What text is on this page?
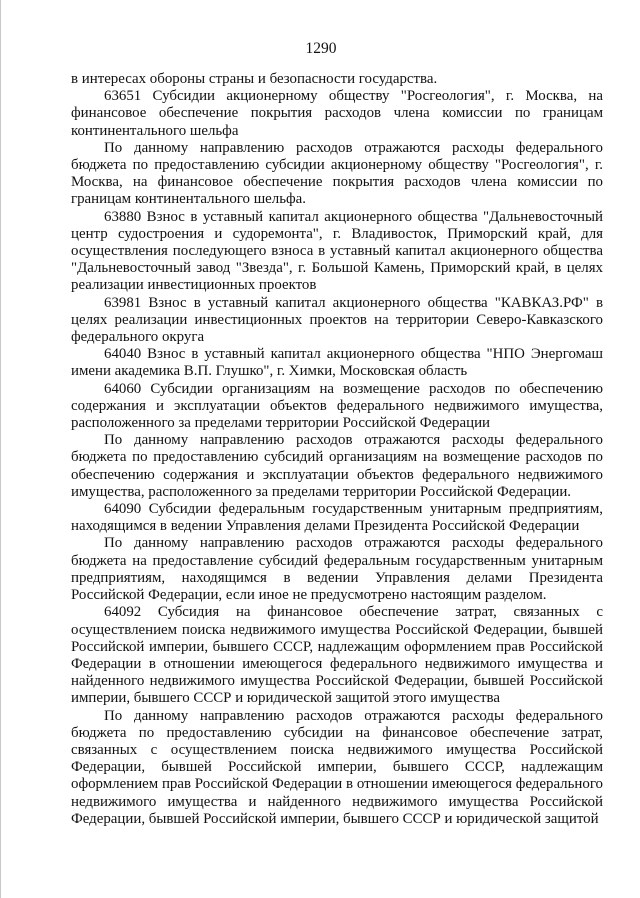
1290

в интересах обороны страны и безопасности государства.

63651 Субсидии акционерному обществу "Росгеология", г. Москва, на финансовое обеспечение покрытия расходов члена комиссии по границам континентального шельфа

По данному направлению расходов отражаются расходы федерального бюджета по предоставлению субсидии акционерному обществу "Росгеология", г. Москва, на финансовое обеспечение покрытия расходов члена комиссии по границам континентального шельфа.

63880 Взнос в уставный капитал акционерного общества "Дальневосточный центр судостроения и судоремонта", г. Владивосток, Приморский край, для осуществления последующего взноса в уставный капитал акционерного общества "Дальневосточный завод "Звезда", г. Большой Камень, Приморский край, в целях реализации инвестиционных проектов

63981 Взнос в уставный капитал акционерного общества "КАВКАЗ.РФ" в целях реализации инвестиционных проектов на территории Северо-Кавказского федерального округа

64040 Взнос в уставный капитал акционерного общества "НПО Энергомаш имени академика В.П. Глушко", г. Химки, Московская область

64060 Субсидии организациям на возмещение расходов по обеспечению содержания и эксплуатации объектов федерального недвижимого имущества, расположенного за пределами территории Российской Федерации

По данному направлению расходов отражаются расходы федерального бюджета по предоставлению субсидий организациям на возмещение расходов по обеспечению содержания и эксплуатации объектов федерального недвижимого имущества, расположенного за пределами территории Российской Федерации.

64090 Субсидии федеральным государственным унитарным предприятиям, находящимся в ведении Управления делами Президента Российской Федерации

По данному направлению расходов отражаются расходы федерального бюджета на предоставление субсидий федеральным государственным унитарным предприятиям, находящимся в ведении Управления делами Президента Российской Федерации, если иное не предусмотрено настоящим разделом.

64092 Субсидия на финансовое обеспечение затрат, связанных с осуществлением поиска недвижимого имущества Российской Федерации, бывшей Российской империи, бывшего СССР, надлежащим оформлением прав Российской Федерации в отношении имеющегося федерального недвижимого имущества и найденного недвижимого имущества Российской Федерации, бывшей Российской империи, бывшего СССР и юридической защитой этого имущества

По данному направлению расходов отражаются расходы федерального бюджета по предоставлению субсидии на финансовое обеспечение затрат, связанных с осуществлением поиска недвижимого имущества Российской Федерации, бывшей Российской империи, бывшего СССР, надлежащим оформлением прав Российской Федерации в отношении имеющегося федерального недвижимого имущества и найденного недвижимого имущества Российской Федерации, бывшей Российской империи, бывшего СССР и юридической защитой
